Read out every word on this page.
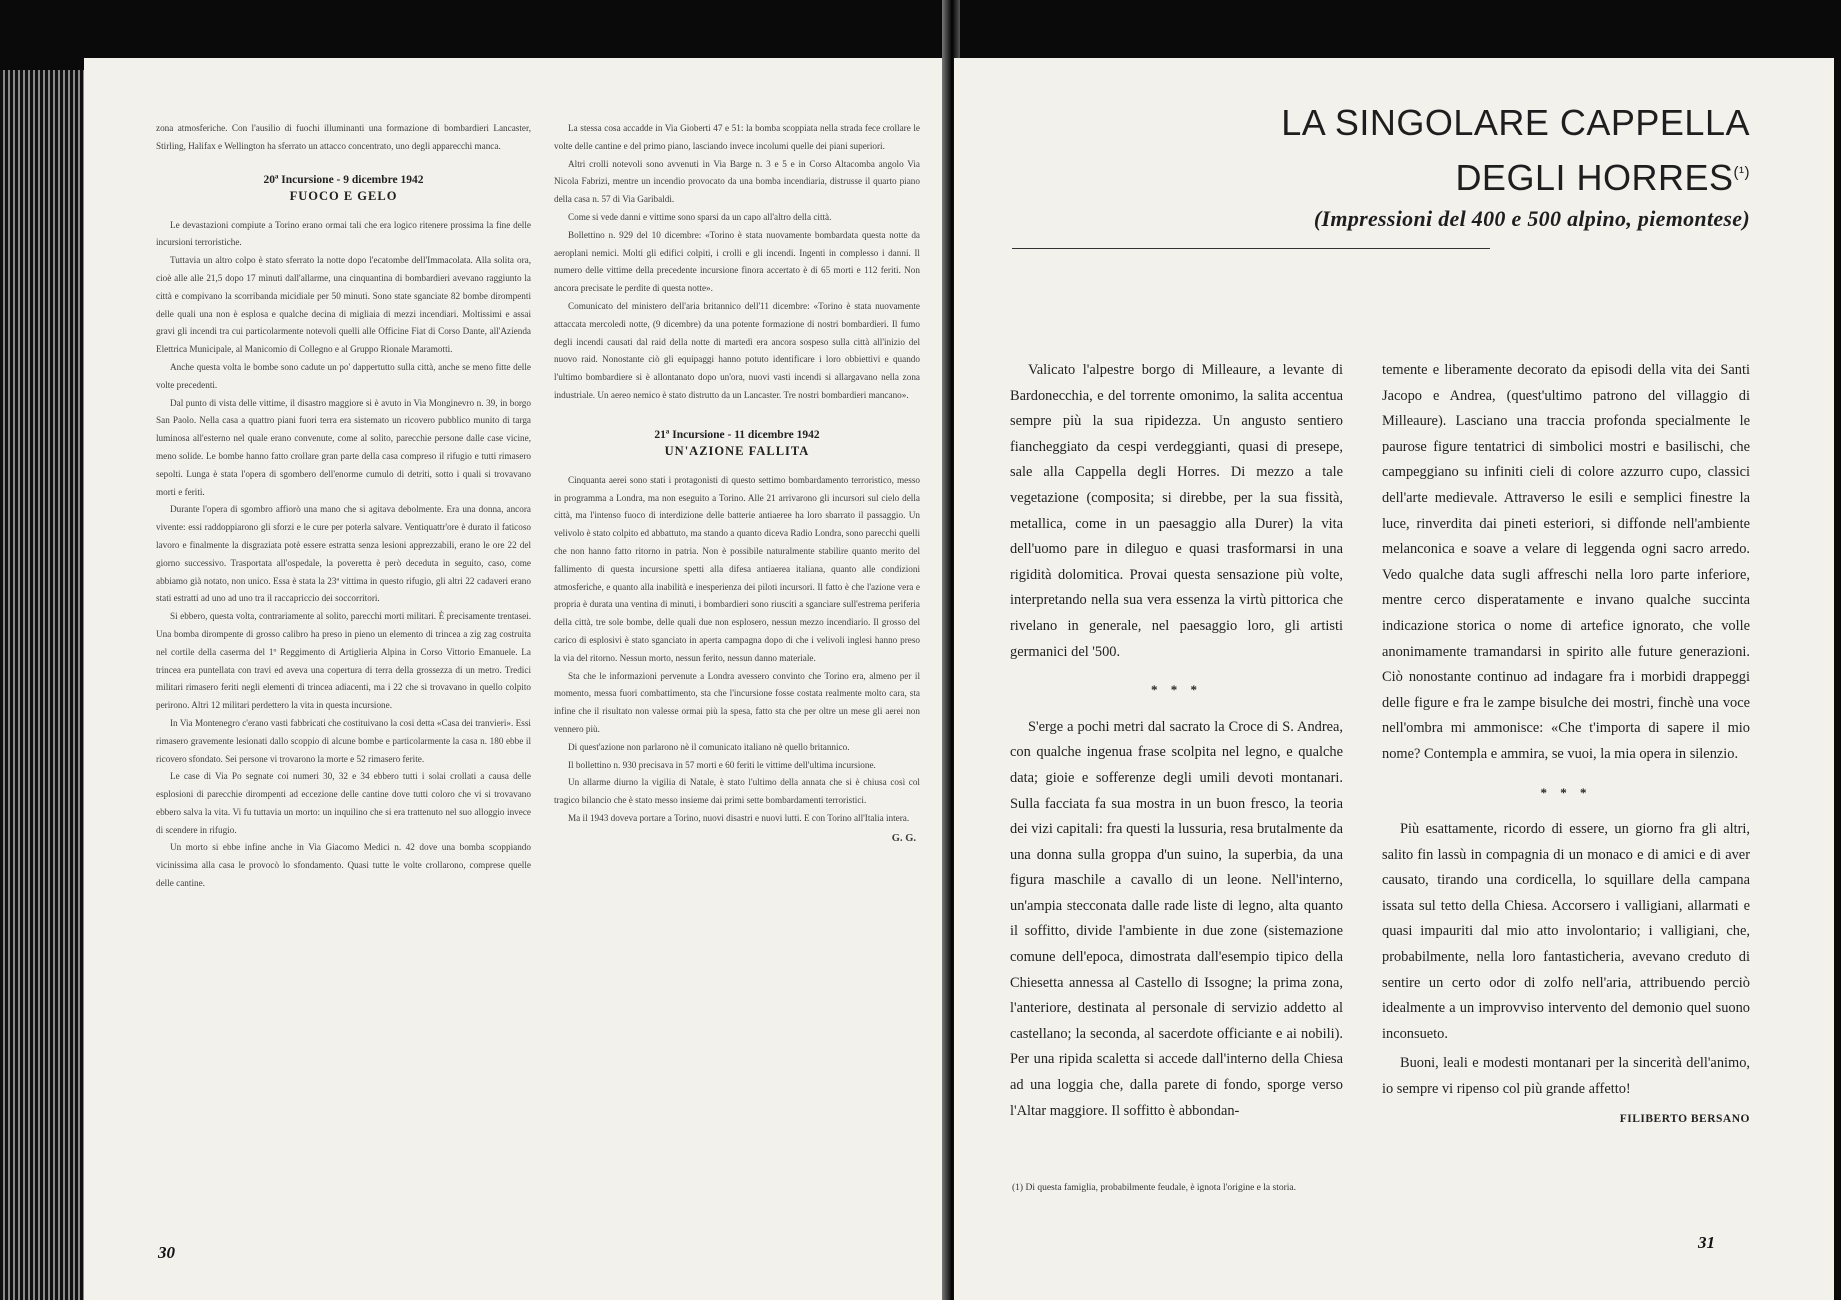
zona atmosferiche. Con l'ausilio di fuochi illuminanti una formazione di bombardieri Lancaster, Stirling, Halifax e Wellington ha sferrato un attacco concentrato, uno degli apparecchi manca.

20ª Incursione - 9 dicembre 1942
FUOCO E GELO

Le devastazioni compiute a Torino erano ormai tali che era logico ritenere prossima la fine delle incursioni terroristiche.

Tuttavia un altro colpo è stato sferrato la notte dopo l'ecatombe dell'Immacolata. Alla solita ora, cioè alle alle 21,5 dopo 17 minuti dall'allarme, una cinquantina di bombardieri avevano raggiunto la città e compivano la scorribanda micidiale per 50 minuti. Sono state sganciate 82 bombe dirompenti delle quali una non è esplosa e qualche decina di migliaia di mezzi incendiari. Moltissimi e assai gravi gli incendi tra cui particolarmente notevoli quelli alle Officine Fiat di Corso Dante, all'Azienda Elettrica Municipale, al Manicomio di Collegno e al Gruppo Rionale Maramotti.

Anche questa volta le bombe sono cadute un po' dappertutto sulla città, anche se meno fitte delle volte precedenti.

Dal punto di vista delle vittime, il disastro maggiore si è avuto in Via Monginevro n. 39, in borgo San Paolo. Nella casa a quattro piani fuori terra era sistemato un ricovero pubblico munito di targa luminosa all'esterno nel quale erano convenute, come al solito, parecchie persone dalle case vicine, meno solide. Le bombe hanno fatto crollare gran parte della casa compreso il rifugio e tutti rimasero sepolti. Lunga è stata l'opera di sgombero dell'enorme cumulo di detriti, sotto i quali si trovavano morti e feriti.

Durante l'opera di sgombro affiorò una mano che si agitava debolmente. Era una donna, ancora vivente: essi raddoppiarono gli sforzi e le cure per poterla salvare. Ventiquattr'ore è durato il faticoso lavoro e finalmente la disgraziata potè essere estratta senza lesioni apprezzabili, erano le ore 22 del giorno successivo. Trasportata all'ospedale, la poveretta è però deceduta in seguito, caso, come abbiamo già notato, non unico. Essa è stata la 23ª vittima in questo rifugio, gli altri 22 cadaveri erano stati estratti ad uno ad uno tra il raccapriccio dei soccorritori.

Si ebbero, questa volta, contrariamente al solito, parecchi morti militari. È precisamente trentasei. Una bomba dirompente di grosso calibro ha preso in pieno un elemento di trincea a zig zag costruita nel cortile della caserma del 1º Reggimento di Artiglieria Alpina in Corso Vittorio Emanuele. La trincea era puntellata con travi ed aveva una copertura di terra della grossezza di un metro. Tredici militari rimasero feriti negli elementi di trincea adiacenti, ma i 22 che si trovavano in quello colpito perirono. Altri 12 militari perdettero la vita in questa incursione.

In Via Montenegro c'erano vasti fabbricati che costituivano la cosi detta «Casa dei tranvieri». Essi rimasero gravemente lesionati dallo scoppio di alcune bombe e particolarmente la casa n. 180 ebbe il ricovero sfondato. Sei persone vi trovarono la morte e 52 rimasero ferite.

Le case di Via Po segnate coi numeri 30, 32 e 34 ebbero tutti i solai crollati a causa delle esplosioni di parecchie dirompenti ad eccezione delle cantine dove tutti coloro che vi si trovavano ebbero salva la vita. Vi fu tuttavia un morto: un inquilino che si era trattenuto nel suo alloggio invece di scendere in rifugio.

Un morto si ebbe infine anche in Via Giacomo Medici n. 42 dove una bomba scoppiando vicinissima alla casa le provocò lo sfondamento. Quasi tutte le volte crollarono, comprese quelle delle cantine.

La stessa cosa accadde in Via Gioberti 47 e 51: la bomba scoppiata nella strada fece crollare le volte delle cantine e del primo piano, lasciando invece incolumi quelle dei piani superiori.

Altri crolli notevoli sono avvenuti in Via Barge n. 3 e 5 e in Corso Altacomba angolo Via Nicola Fabrizi, mentre un incendio provocato da una bomba incendiaria, distrusse il quarto piano della casa n. 57 di Via Garibaldi.

Come si vede danni e vittime sono sparsi da un capo all'altro della città.

Bollettino n. 929 del 10 dicembre: «Torino è stata nuovamente bombardata questa notte da aeroplani nemici. Molti gli edifici colpiti, i crolli e gli incendi. Ingenti in complesso i danni. Il numero delle vittime della precedente incursione finora accertato è di 65 morti e 112 feriti. Non ancora precisate le perdite di questa notte».

Comunicato del ministero dell'aria britannico dell'11 dicembre: «Torino è stata nuovamente attaccata mercoledì notte, (9 dicembre) da una potente formazione di nostri bombardieri. Il fumo degli incendi causati dal raid della notte di martedì era ancora sospeso sulla città all'inizio del nuovo raid. Nonostante ciò gli equipaggi hanno potuto identificare i loro obbiettivi e quando l'ultimo bombardiere si è allontanato dopo un'ora, nuovi vasti incendi si allargavano nella zona industriale. Un aereo nemico è stato distrutto da un Lancaster. Tre nostri bombardieri mancano».

21ª Incursione - 11 dicembre 1942
UN'AZIONE FALLITA

Cinquanta aerei sono stati i protagonisti di questo settimo bombardamento terroristico, messo in programma a Londra, ma non eseguito a Torino. Alle 21 arrivarono gli incursori sul cielo della città, ma l'intenso fuoco di interdizione delle batterie antiaeree ha loro sbarrato il passaggio. Un velivolo è stato colpito ed abbattuto, ma stando a quanto diceva Radio Londra, sono parecchi quelli che non hanno fatto ritorno in patria. Non è possibile naturalmente stabilire quanto merito del fallimento di questa incursione spetti alla difesa antiaerea italiana, quanto alle condizioni atmosferiche, e quanto alla inabilità e inesperienza dei piloti incursori. Il fatto è che l'azione vera e propria è durata una ventina di minuti, i bombardieri sono riusciti a sganciare sull'estrema periferia della città, tre sole bombe, delle quali due non esplosero, nessun mezzo incendiario. Il grosso del carico di esplosivi è stato sganciato in aperta campagna dopo di che i velivoli inglesi hanno preso la via del ritorno. Nessun morto, nessun ferito, nessun danno materiale.

Sta che le informazioni pervenute a Londra avessero convinto che Torino era, almeno per il momento, messa fuori combattimento, sta che l'incursione fosse costata realmente molto cara, sta infine che il risultato non valesse ormai più la spesa, fatto sta che per oltre un mese gli aerei non vennero più.

Di quest'azione non parlarono nè il comunicato italiano nè quello britannico.

Il bollettino n. 930 precisava in 57 morti e 60 feriti le vittime dell'ultima incursione.

Un allarme diurno la vigilia di Natale, è stato l'ultimo della annata che si è chiusa così col tragico bilancio che è stato messo insieme dai primi sette bombardamenti terroristici.

Ma il 1943 doveva portare a Torino, nuovi disastri e nuovi lutti. E con Torino all'Italia intera.

G. G.
30
LA SINGOLARE CAPPELLA
DEGLI $HORRES^{(^1)}$
(Impressioni del 400 e 500 alpino, piemontese)

Valicato l'alpestre borgo di Milleaure, a levante di Bardonecchia, e del torrente omonimo, la salita accentua sempre più la sua ripidezza. Un angusto sentiero fiancheggiato da cespi verdeggianti, quasi di presepe, sale alla Cappella degli Horres. Di mezzo a tale vegetazione (composita; si direbbe, per la sua fissità, metallica, come in un paesaggio alla Durer) la vita dell'uomo pare in dileguo e quasi trasformarsi in una rigidità dolomitica. Provai questa sensazione più volte, interpretando nella sua vera essenza la virtù pittorica che rivelano in generale, nel paesaggio loro, gli artisti germanici del '500.

* * *

S'erge a pochi metri dal sacrato la Croce di S. Andrea, con qualche ingenua frase scolpita nel legno, e qualche data; gioie e sofferenze degli umili devoti montanari. Sulla facciata fa sua mostra in un buon fresco, la teoria dei vizi capitali: fra questi la lussuria, resa brutalmente da una donna sulla groppa d'un suino, la superbia, da una figura maschile a cavallo di un leone. Nell'interno, un'ampia stecconata dalle rade liste di legno, alta quanto il soffitto, divide l'ambiente in due zone (sistemazione comune dell'epoca, dimostrata dall'esempio tipico della Chiesetta annessa al Castello di Issogne; la prima zona, l'anteriore, destinata al personale di servizio addetto al castellano; la seconda, al sacerdote officiante e ai nobili). Per una ripida scaletta si accede dall'interno della Chiesa ad una loggia che, dalla parete di fondo, sporge verso l'Altar maggiore. Il soffitto è abbondan-

temente e liberamente decorato da episodi della vita dei Santi Jacopo e Andrea, (quest'ultimo patrono del villaggio di Milleaure). Lasciano una traccia profonda specialmente le paurose figure tentatrici di simbolici mostri e basilischi, che campeggiano su infiniti cieli di colore azzurro cupo, classici dell'arte medievale. Attraverso le esili e semplici finestre la luce, rinverdita dai pineti esteriori, si diffonde nell'ambiente melanconica e soave a velare di leggenda ogni sacro arredo. Vedo qualche data sugli affreschi nella loro parte inferiore, mentre cerco disperatamente e invano qualche succinta indicazione storica o nome di artefice ignorato, che volle anonimamente tramandarsi in spirito alle future generazioni. Ciò nonostante continuo ad indagare fra i morbidi drappeggi delle figure e fra le zampe bisulche dei mostri, finchè una voce nell'ombra mi ammonisce: «Che t'importa di sapere il mio nome? Contempla e ammira, se vuoi, la mia opera in silenzio.

* * *

Più esattamente, ricordo di essere, un giorno fra gli altri, salito fin lassù in compagnia di un monaco e di amici e di aver causato, tirando una cordicella, lo squillare della campana issata sul tetto della Chiesa. Accorsero i valligiani, allarmati e quasi impauriti dal mio atto involontario; i valligiani, che, probabilmente, nella loro fantasticheria, avevano creduto di sentire un certo odor di zolfo nell'aria, attribuendo perciò idealmente a un improvviso intervento del demonio quel suono inconsueto.

Buoni, leali e modesti montanari per la sincerità dell'animo, io sempre vi ripenso col più grande affetto!

FILIBERTO BERSANO
(1) Di questa famiglia, probabilmente feudale, è ignota l'origine e la storia.
31
